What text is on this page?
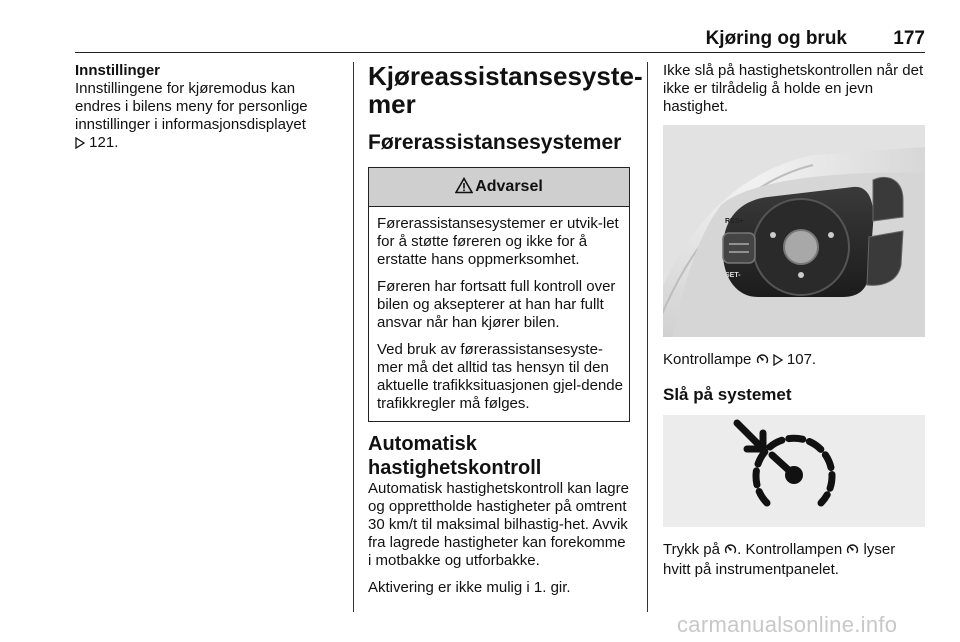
Kjøring og bruk 177

Innstillinger

Innstillingene for kjøremodus kan endres i bilens meny for personlige innstillinger i informasjonsdisplayet
121.

Kjøreassistansesyste-
mer
Førerassistansesystemer
Advarsel

Førerassistansesystemer er utvik-let for å støtte føreren og ikke for å erstatte hans oppmerksomhet.

Føreren har fortsatt full kontroll over bilen og aksepterer at han har fullt ansvar når han kjører bilen.

Ved bruk av førerassistansesyste-mer må det alltid tas hensyn til den aktuelle trafikksituasjonen gjel-dende trafikkregler må følges.

Automatisk
hastighetskontroll

Automatisk hastighetskontroll kan lagre og opprettholde hastigheter på omtrent 30 km/t til maksimal bilhastig-het. Avvik fra lagrede hastigheter kan forekomme i motbakke og utforbakke.

Aktivering er ikke mulig i 1. gir.

Ikke slå på hastighetskontrollen når det ikke er tilrådelig å holde en jevn hastighet.

RES+
SET-

Kontrollampe 107.

Slå på systemet

Trykk på . Kontrollampen lyser hvitt på instrumentpanelet.

carmanualsonline.info
